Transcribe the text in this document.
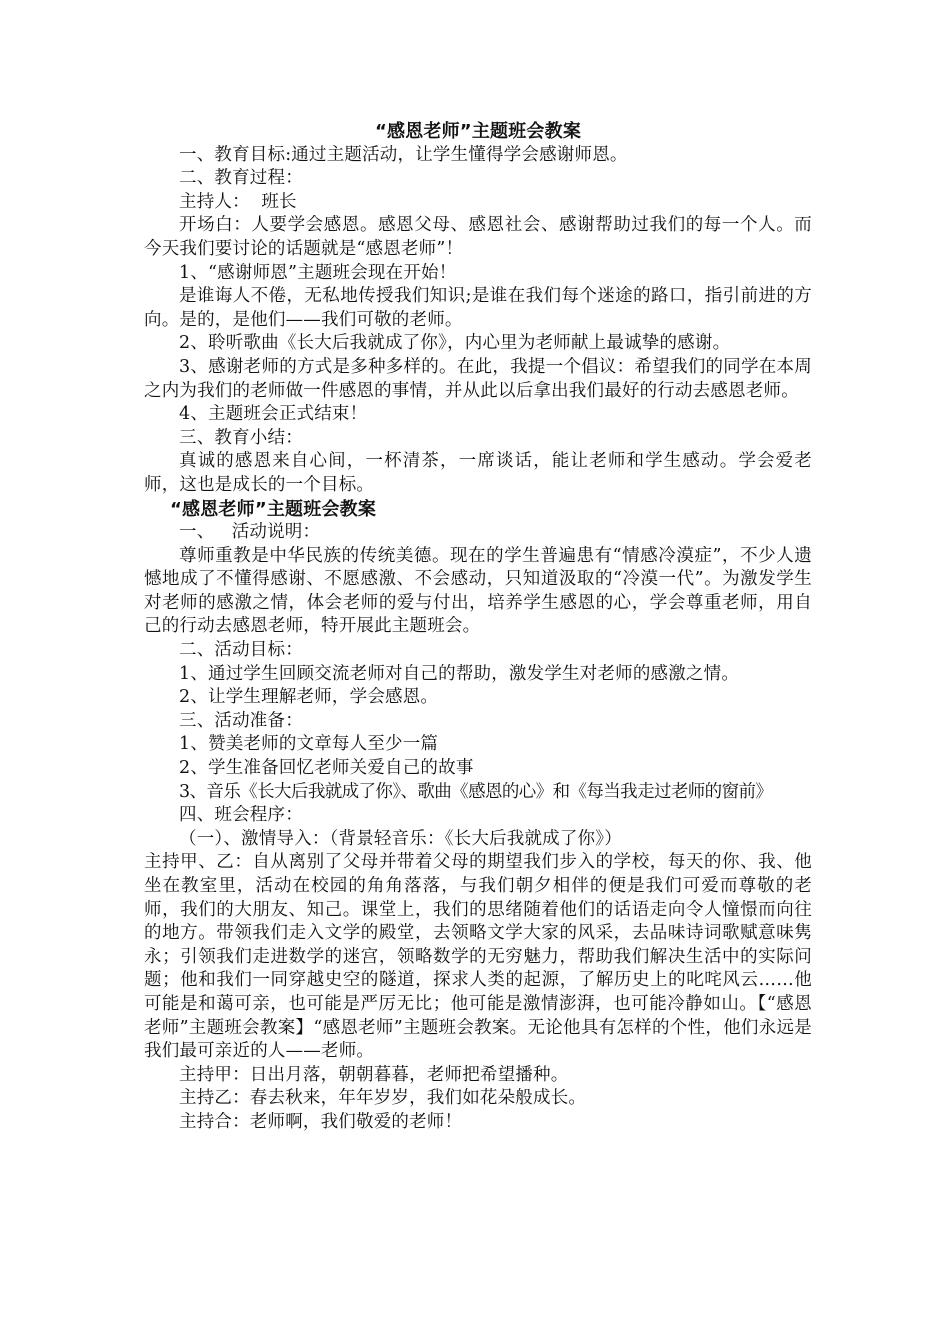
“感恩老师”主题班会教案
一、教育目标:通过主题活动，让学生懂得学会感谢师恩。
二、教育过程：
主持人：  班长
开场白：人要学会感恩。感恩父母、感恩社会、感谢帮助过我们的每一个人。而今天我们要讨论的话题就是“感恩老师”！
1、“感谢师恩”主题班会现在开始！
是谁诲人不倦，无私地传授我们知识;是谁在我们每个迷途的路口，指引前进的方向。是的，是他们——我们可敬的老师。
2、聆听歌曲《长大后我就成了你》，内心里为老师献上最诚挚的感谢。
3、感谢老师的方式是多种多样的。在此，我提一个倡议：希望我们的同学在本周之内为我们的老师做一件感恩的事情，并从此以后拿出我们最好的行动去感恩老师。
4、主题班会正式结束！
三、教育小结：
真诚的感恩来自心间，一杯清茶，一席谈话，能让老师和学生感动。学会爱老师，这也是成长的一个目标。
“感恩老师”主题班会教案
一、   活动说明：
尊师重教是中华民族的传统美德。现在的学生普遍患有“情感冷漠症”，不少人遗憾地成了不懂得感谢、不愿感激、不会感动，只知道汲取的“冷漠一代”。为激发学生对老师的感激之情，体会老师的爱与付出，培养学生感恩的心，学会尊重老师，用自己的行动去感恩老师，特开展此主题班会。
二、活动目标：
1、通过学生回顾交流老师对自己的帮助，激发学生对老师的感激之情。
2、让学生理解老师，学会感恩。
三、活动准备：
1、赞美老师的文章每人至少一篇
2、学生准备回忆老师关爱自己的故事
3、音乐《长大后我就成了你》、歌曲《感恩的心》和《每当我走过老师的窗前》
四、班会程序：
（一）、激情导入：（背景轻音乐：《长大后我就成了你》）
主持甲、乙：自从离别了父母并带着父母的期望我们步入的学校，每天的你、我、他坐在教室里，活动在校园的角角落落，与我们朝夕相伴的便是我们可爱而尊敬的老师，我们的大朋友、知己。课堂上，我们的思绪随着他们的话语走向令人憧憬而向往的地方。带领我们走入文学的殿堂，去领略文学大家的风采，去品味诗词歌赋意味隽永；引领我们走进数学的迷宫，领略数学的无穷魅力，帮助我们解决生活中的实际问题；他和我们一同穿越史空的隧道，探求人类的起源，了解历史上的叱咤风云……他可能是和蔼可亲，也可能是严厉无比；他可能是激情澎湃，也可能冷静如山。【“感恩老师”主题班会教案】“感恩老师”主题班会教案。无论他具有怎样的个性，他们永远是我们最可亲近的人——老师。
主持甲：日出月落，朝朝暮暮，老师把希望播种。
主持乙：春去秋来，年年岁岁，我们如花朵般成长。
主持合：老师啊，我们敬爱的老师！
